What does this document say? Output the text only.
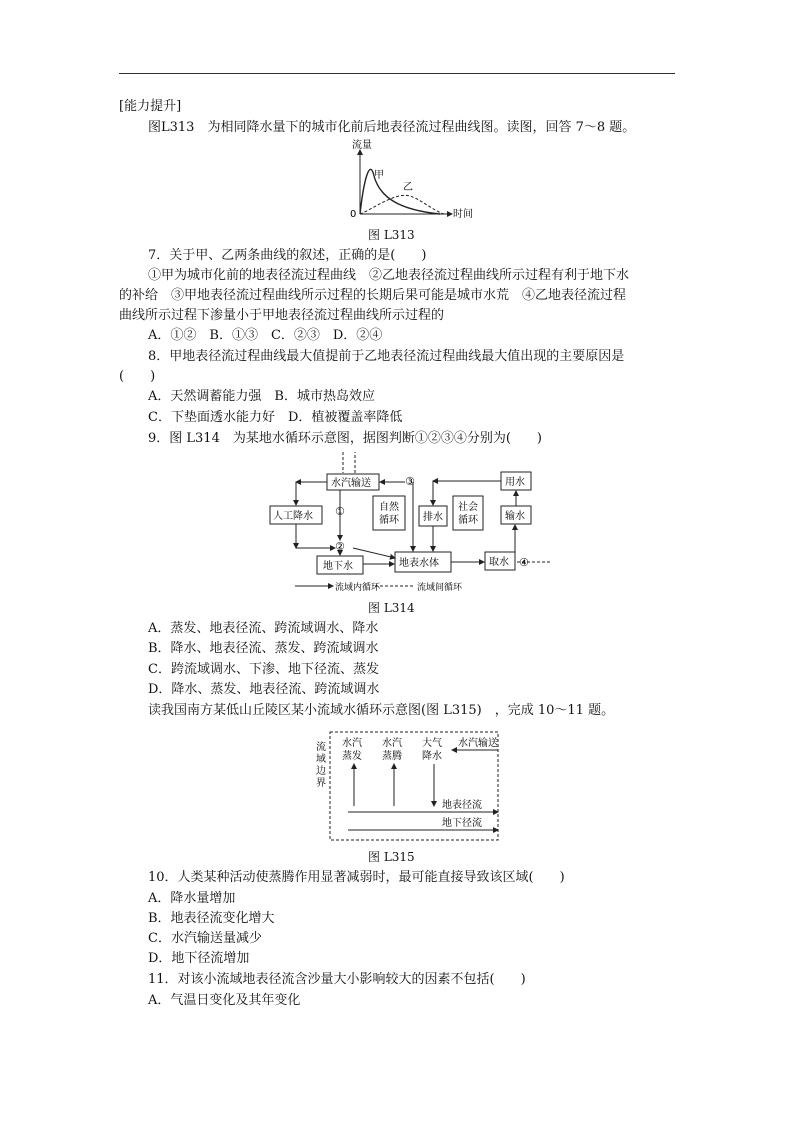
[能力提升]
图L313　为相同降水量下的城市化前后地表径流过程曲线图。读图，回答 7～8 题。
流量
时间
0
甲
乙
图 L313
7．关于甲、乙两条曲线的叙述，正确的是(　　)
①甲为城市化前的地表径流过程曲线　②乙地表径流过程曲线所示过程有利于地下水
的补给　③甲地表径流过程曲线所示过程的长期后果可能是城市水荒　④乙地表径流过程
曲线所示过程下渗量小于甲地表径流过程曲线所示过程的
A．①②　B．①③　C．②③　D．②④
8．甲地表径流过程曲线最大值提前于乙地表径流过程曲线最大值出现的主要原因是
(　　)
A．天然调蓄能力强　B．城市热岛效应
C．下垫面透水能力好　D．植被覆盖率降低
9．图 L314　为某地水循环示意图，据图判断①②③④分别为(　　)
水汽输送
人工降水
自然
循环 排水
社会
循环
用水
输水
地下水	地表水体	取水
①
②
③
④
流域内循环	流域间循环
图 L314
A．蒸发、地表径流、跨流域调水、降水
B．降水、地表径流、蒸发、跨流域调水
C．跨流域调水、下渗、地下径流、蒸发
D．降水、蒸发、地表径流、跨流域调水
读我国南方某低山丘陵区某小流域水循环示意图(图 L315)　，完成 10～11 题。
流
域
边
界
水汽
蒸发
水汽
蒸腾
大气
降水
水汽输送
地表径流
地下径流
图 L315
10．人类某种活动使蒸腾作用显著减弱时，最可能直接导致该区域(　　)
A．降水量增加
B．地表径流变化增大
C．水汽输送量减少
D．地下径流增加
11．对该小流域地表径流含沙量大小影响较大的因素不包括(　　)
A．气温日变化及其年变化
